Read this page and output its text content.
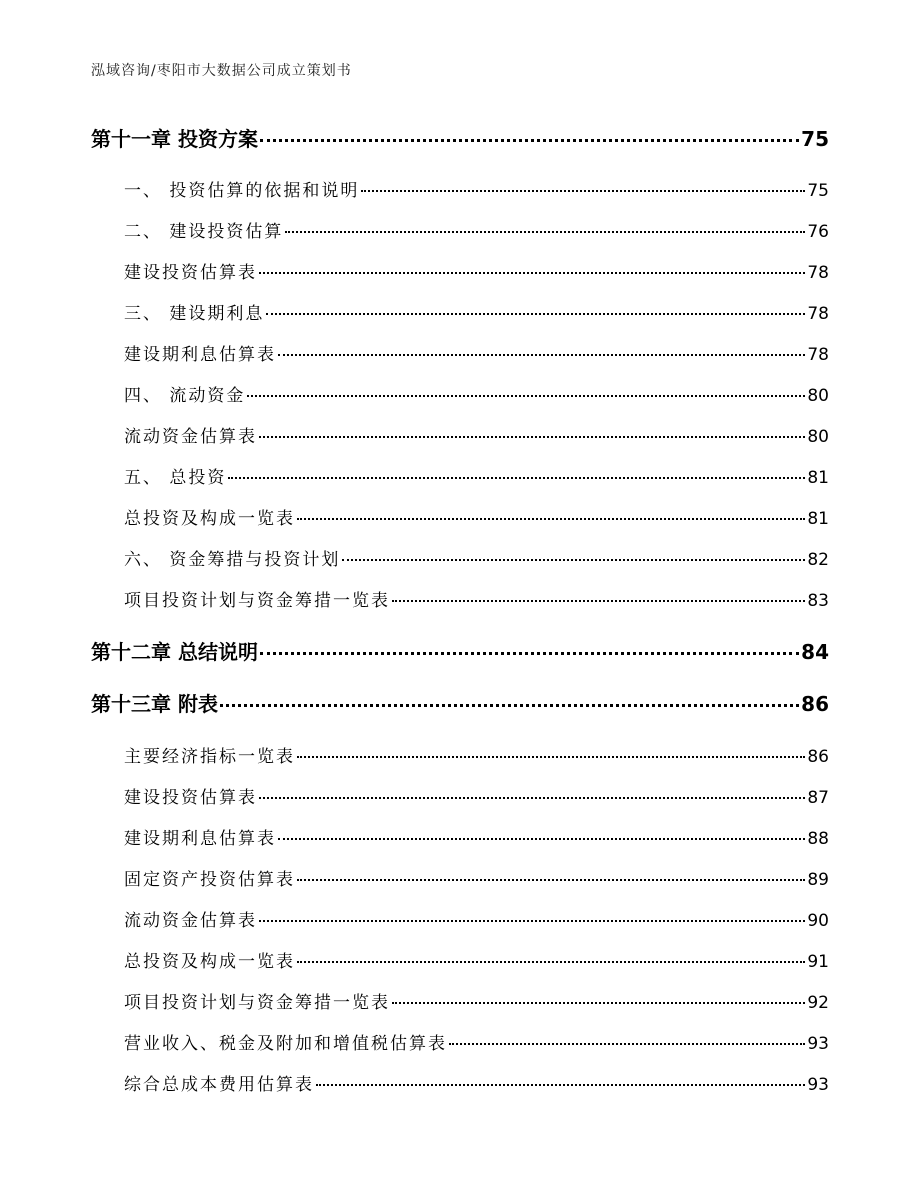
泓域咨询/枣阳市大数据公司成立策划书
第十一章 投资方案	75
一、 投资估算的依据和说明	75
二、 建设投资估算	76
建设投资估算表	78
三、 建设期利息	78
建设期利息估算表	78
四、 流动资金	80
流动资金估算表	80
五、 总投资	81
总投资及构成一览表	81
六、 资金筹措与投资计划	82
项目投资计划与资金筹措一览表	83
第十二章 总结说明	84
第十三章 附表	86
主要经济指标一览表	86
建设投资估算表	87
建设期利息估算表	88
固定资产投资估算表	89
流动资金估算表	90
总投资及构成一览表	91
项目投资计划与资金筹措一览表	92
营业收入、税金及附加和增值税估算表	93
综合总成本费用估算表	93
